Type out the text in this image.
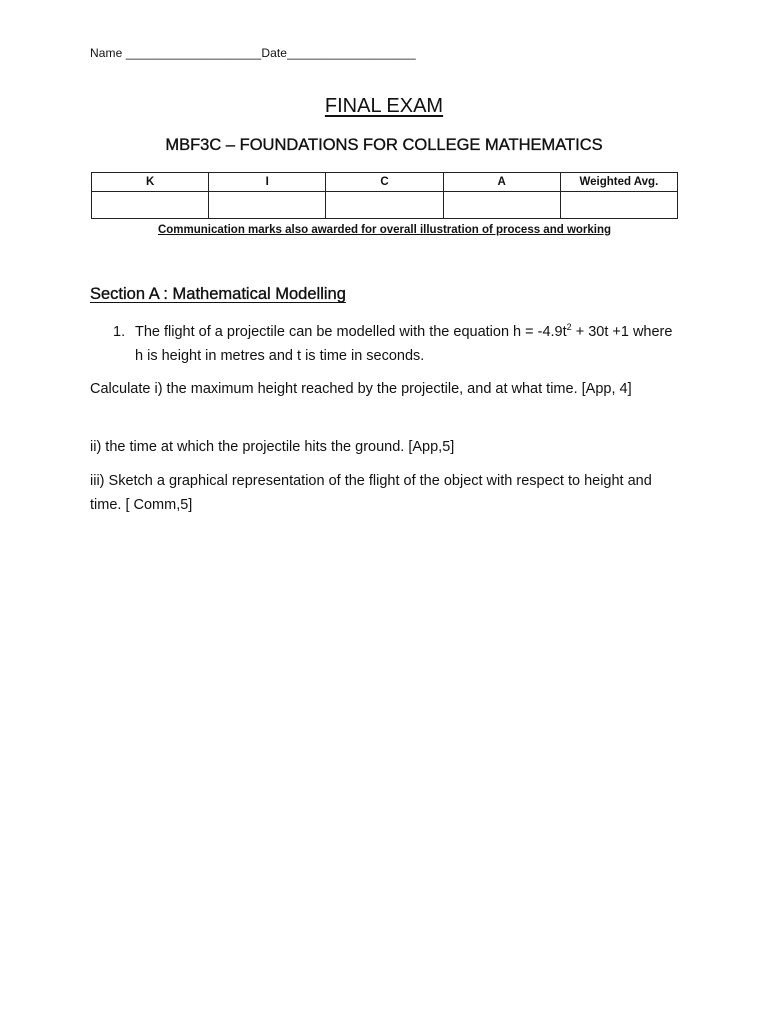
Name ____________________Date___________________
FINAL EXAM
MBF3C – FOUNDATIONS FOR COLLEGE MATHEMATICS
K	I	C	A	Weighted Avg.

Communication marks also awarded for overall illustration of process and working
Section A : Mathematical Modelling
1. The flight of a projectile can be modelled with the equation $h = -4.9t^2 + 30t +1$ where h is height in metres and t is time in seconds.
Calculate i) the maximum height reached by the projectile, and at what time. [App, 4]
ii) the time at which the projectile hits the ground. [App,5]
iii) Sketch a graphical representation of the flight of the object with respect to height and time. [ Comm,5]
